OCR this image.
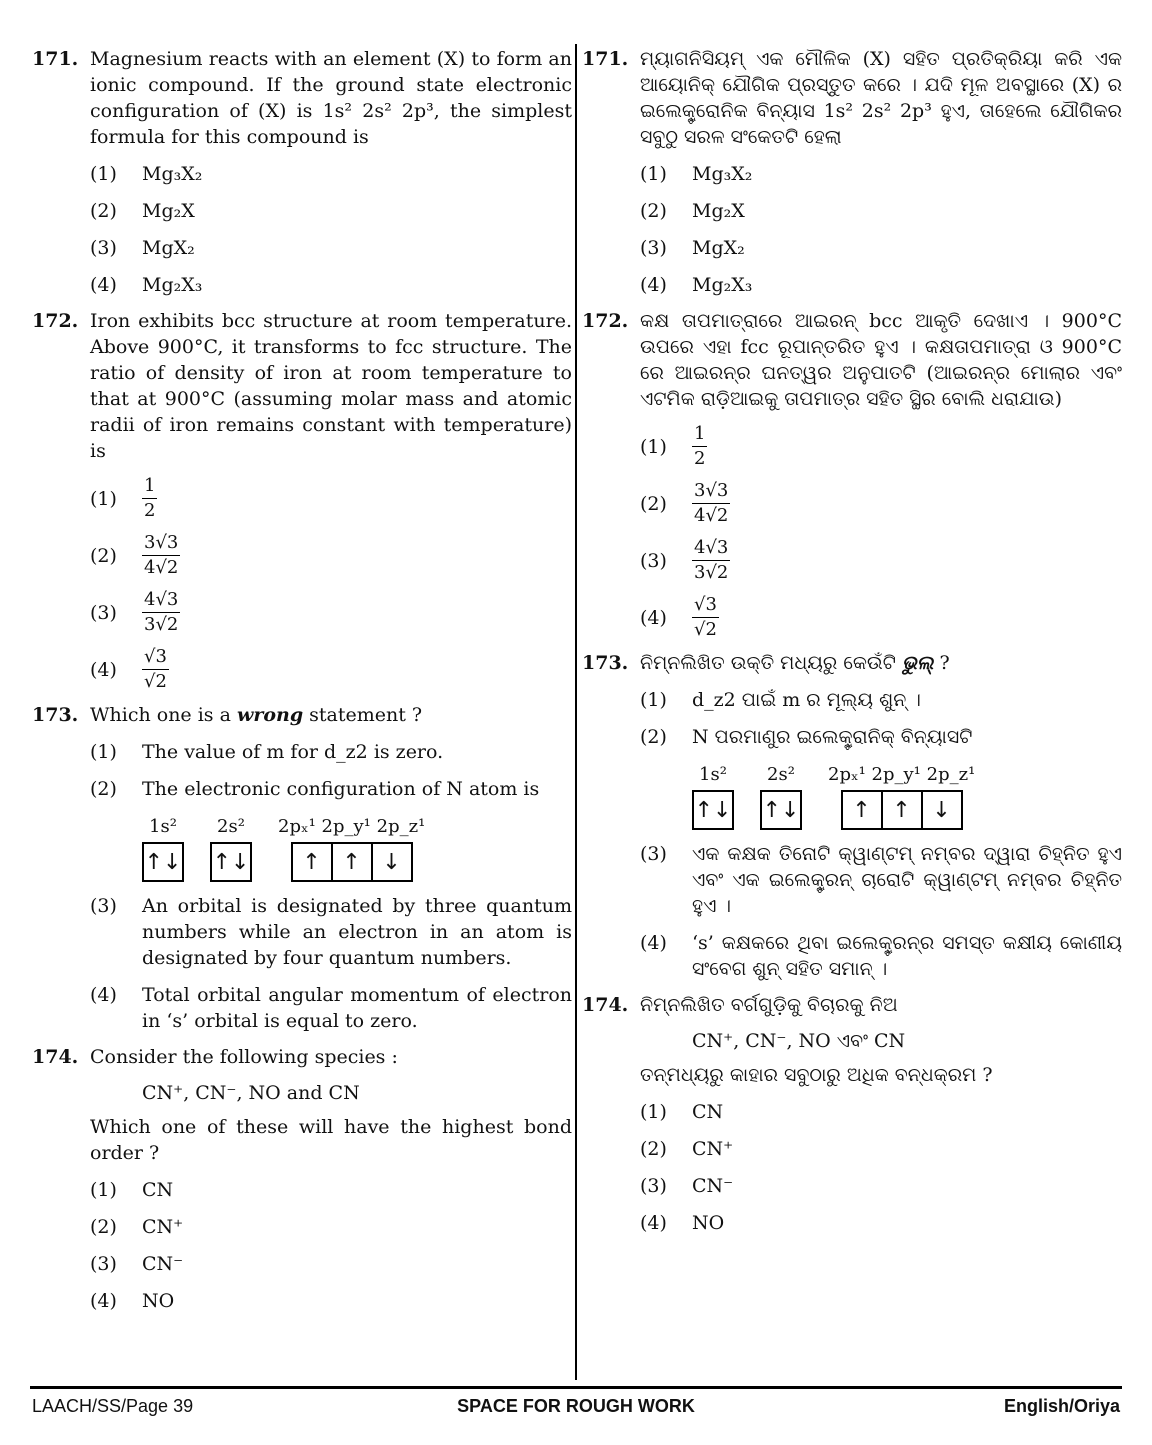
171. Magnesium reacts with an element (X) to form an ionic compound. If the ground state electronic configuration of (X) is 1s² 2s² 2p³, the simplest formula for this compound is
(1) Mg₃X₂
(2) Mg₂X
(3) MgX₂
(4) Mg₂X₃
172. Iron exhibits bcc structure at room temperature. Above 900°C, it transforms to fcc structure. The ratio of density of iron at room temperature to that at 900°C (assuming molar mass and atomic radii of iron remains constant with temperature) is
(1)	$\frac{1}{2}$
(2)	$\frac{3√3}{4√2}$
(3)	$\frac{4√3}{3√2}$
(4)	$\frac{√3}{√2}$
173. Which one is a wrong statement ?
(1) The value of m for d_z2 is zero.
(2) The electronic configuration of N atom is
1s²
↑↓
2s²
↑↓
2pₓ¹ 2p_y¹ 2p_z¹
↑ ↑ ↓
(3) An orbital is designated by three quantum numbers while an electron in an atom is designated by four quantum numbers.
(4) Total orbital angular momentum of electron in ‘s’ orbital is equal to zero.
174. Consider the following species :
CN⁺, CN⁻, NO and CN
Which one of these will have the highest bond order ?
(1) CN
(2) CN⁺
(3) CN⁻
(4) NO
171. ମ୍ୟାଗନିସିୟମ୍ ଏକ ମୌଳିକ (X) ସହିତ ପ୍ରତିକ୍ରିୟା କରି ଏକ ଆୟୋନିକ୍ ଯୌଗିକ ପ୍ରସ୍ତୁତ କରେ । ଯଦି ମୂଳ ଅବସ୍ଥାରେ (X) ର ଇଲେକ୍ଟ୍ରୋନିକ ବିନ୍ୟାସ 1s² 2s² 2p³ ହୁଏ, ତାହେଲେ ଯୌଗିକର ସବୁଠୁ ସରଳ ସଂକେତଟି ହେଲା
(1) Mg₃X₂
(2) Mg₂X
(3) MgX₂
(4) Mg₂X₃
172. କକ୍ଷ ତାପମାତ୍ରାରେ ଆଇରନ୍ bcc ଆକୃତି ଦେଖାଏ । 900°C ଉପରେ ଏହା fcc ରୂପାନ୍ତରିତ ହୁଏ । କକ୍ଷତାପମାତ୍ରା ଓ 900°C ରେ ଆଇରନ୍‌ର ଘନତ୍ୱର ଅନୁପାତଟି (ଆଇରନ୍‌ର ମୋଲାର ଏବଂ ଏଟମିକ ରାଡ଼ିଆଇକୁ ତାପମାତ୍ର ସହିତ ସ୍ଥିର ବୋଲି ଧରାଯାଉ)
(1)	$\frac{1}{2}$
(2)	$\frac{3√3}{4√2}$
(3)	$\frac{4√3}{3√2}$
(4)	$\frac{√3}{√2}$
173. ନିମ୍ନଲିଖିତ ଉକ୍ତି ମଧ୍ୟରୁ କେଉଁଟି ଭୁଲ୍ ?
(1) d_z2 ପାଇଁ m ର ମୂଲ୍ୟ ଶୁନ୍ ।
(2) N ପରମାଣୁର ଇଲେକ୍ଟ୍ରାନିକ୍ ବିନ୍ୟାସଟି
1s²
↑↓
2s²
↑↓
2pₓ¹ 2p_y¹ 2p_z¹
↑ ↑ ↓
(3) ଏକ କକ୍ଷକ ତିନୋଟି କ୍ୱାଣ୍ଟମ୍ ନମ୍ବର ଦ୍ୱାରା ଚିହ୍ନିତ ହୁଏ ଏବଂ ଏକ ଇଲେକ୍ଟ୍ରନ୍ ଚାରୋଟି କ୍ୱାଣ୍ଟମ୍ ନମ୍ବର ଚିହ୍ନିତ ହୁଏ ।
(4) ‘s’ କକ୍ଷକରେ ଥିବା ଇଲେକ୍ଟ୍ରନ୍‌ର ସମସ୍ତ କକ୍ଷୀୟ କୋଣୀୟ ସଂବେଗ ଶୁନ୍ ସହିତ ସମାନ୍ ।
174. ନିମ୍ନଲିଖିତ ବର୍ଗଗୁଡ଼ିକୁ ବିଚାରକୁ ନିଅ
CN⁺, CN⁻, NO ଏବଂ CN
ତନ୍ମଧ୍ୟରୁ କାହାର ସବୁଠାରୁ ଅଧିକ ବନ୍ଧକ୍ରମ ?
(1) CN
(2) CN⁺
(3) CN⁻
(4) NO
LAACH/SS/Page 39	SPACE FOR ROUGH WORK	English/Oriya
